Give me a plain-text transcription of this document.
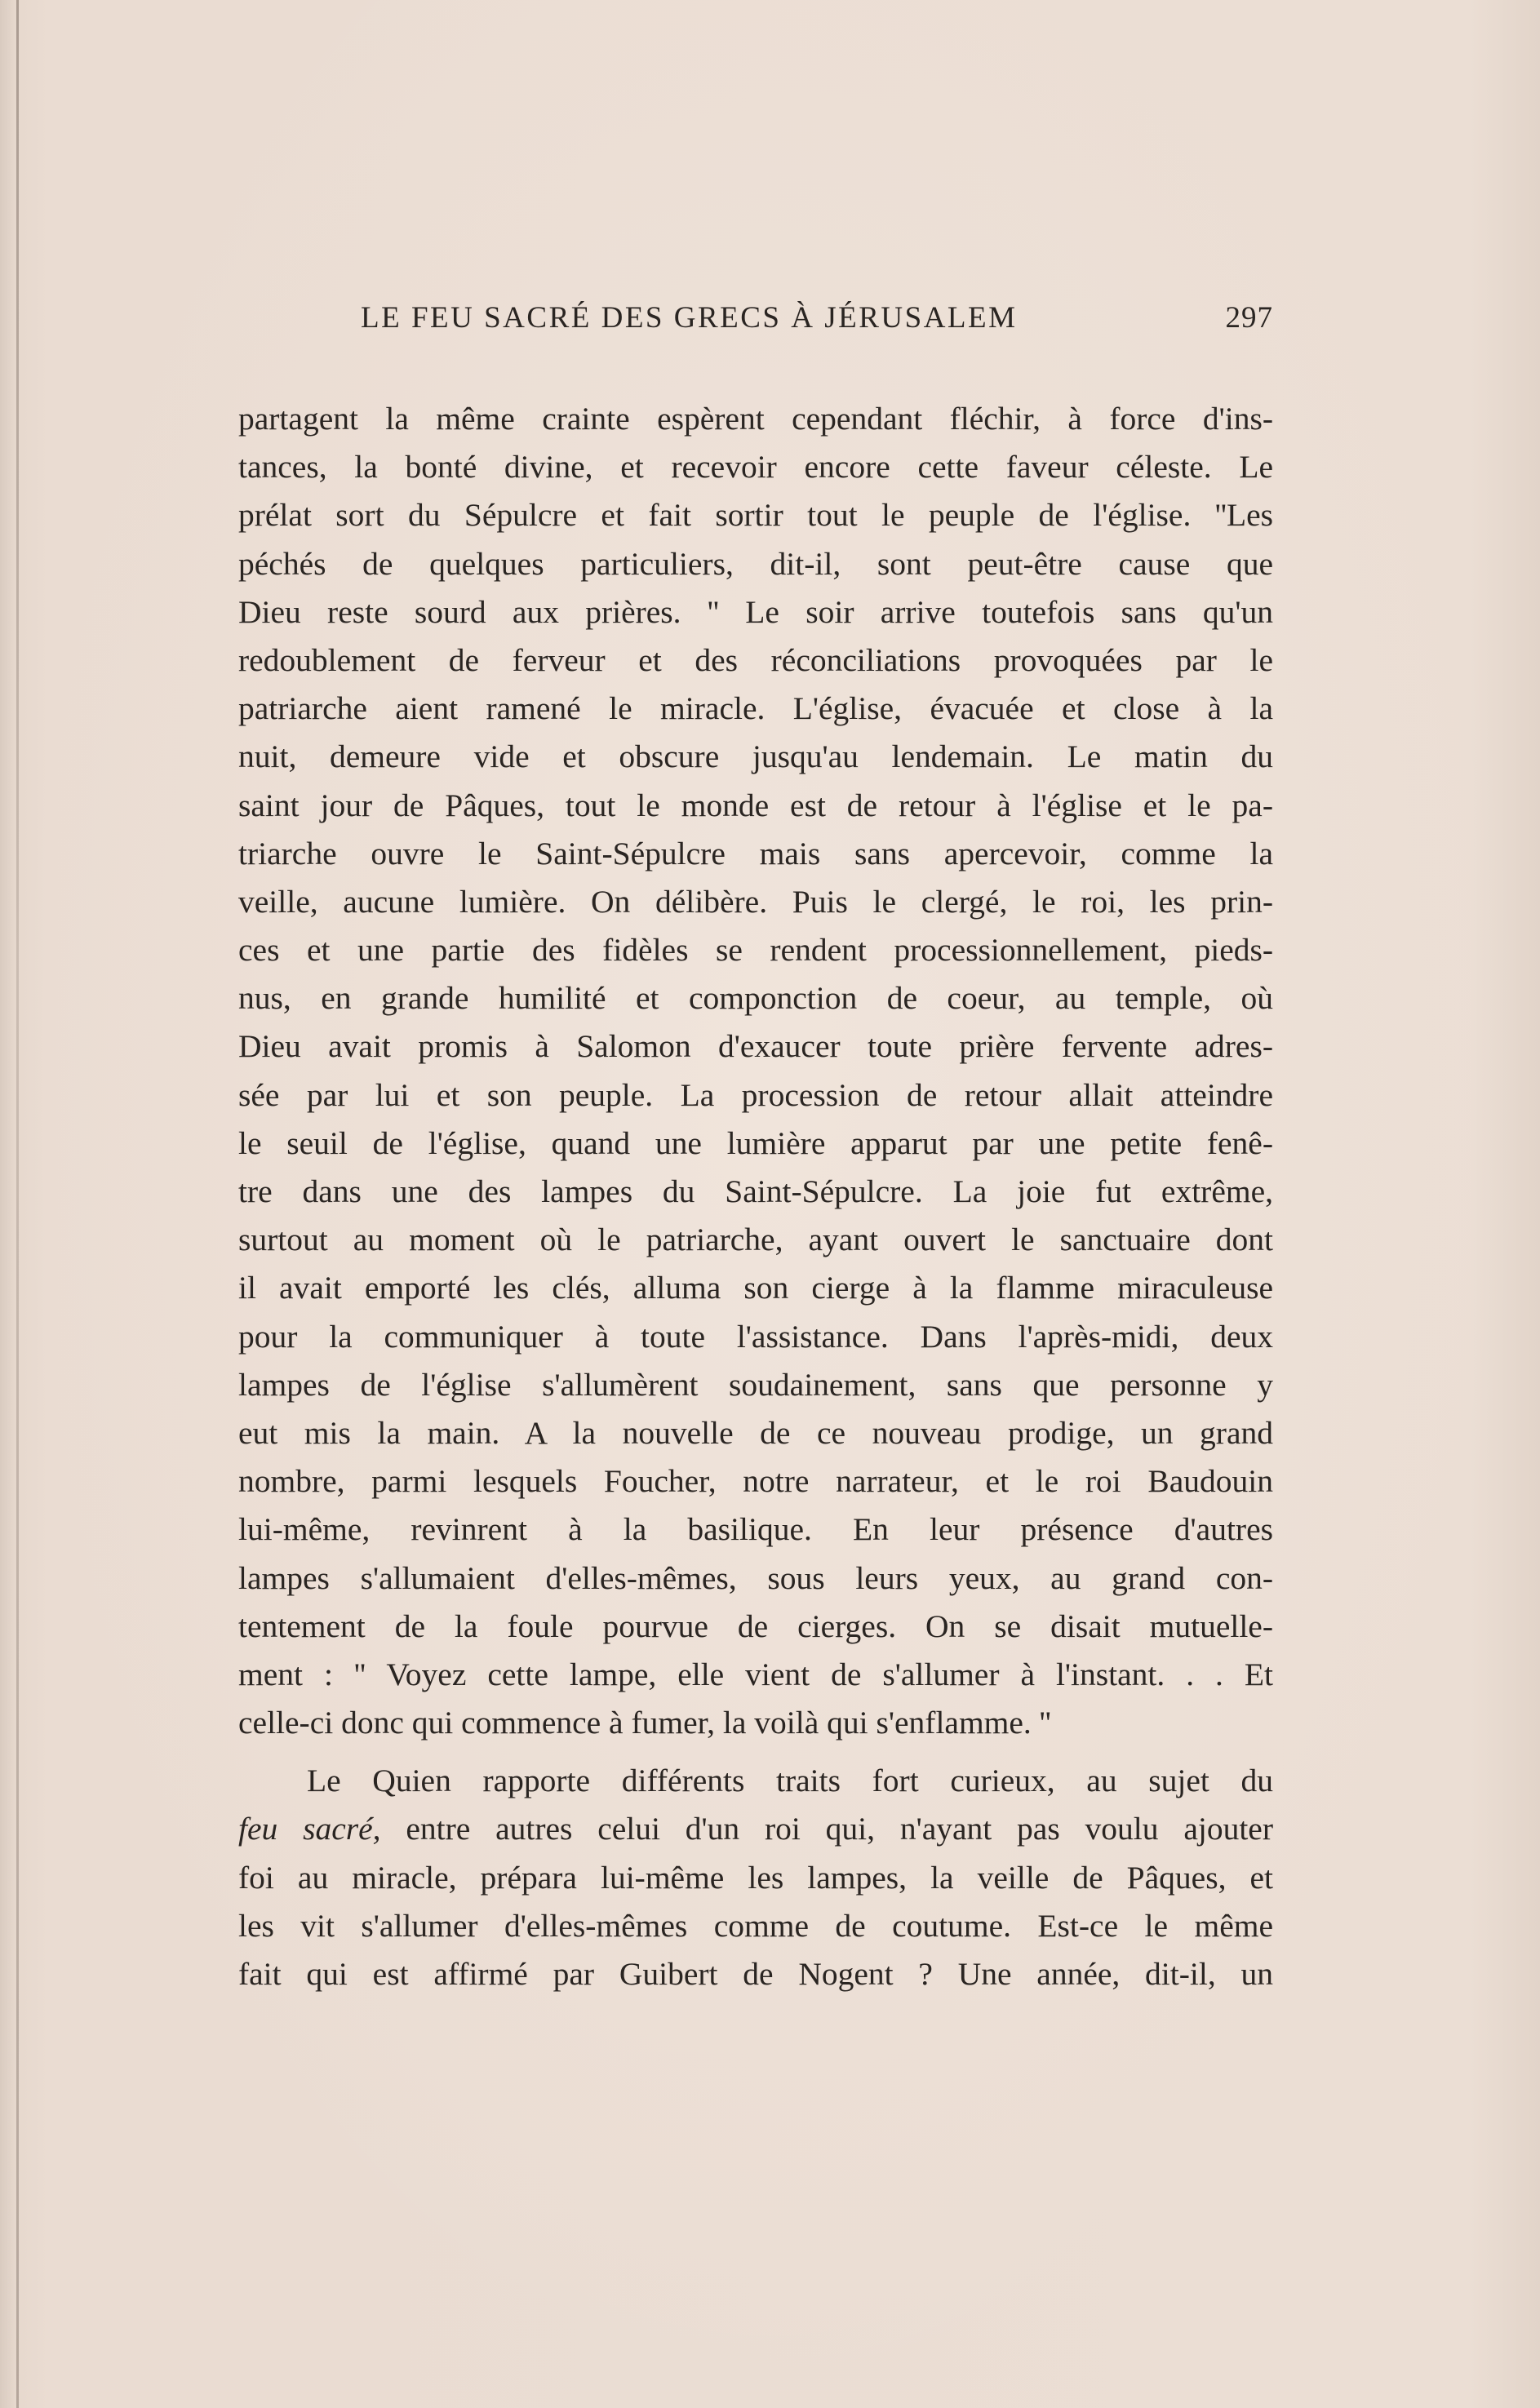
LE FEU SACRÉ DES GRECS À JÉRUSALEM	297
partagent la même crainte espèrent cependant fléchir, à force d'ins-
tances, la bonté divine, et recevoir encore cette faveur céleste. Le
prélat sort du Sépulcre et fait sortir tout le peuple de l'église. ''Les
péchés de quelques particuliers, dit-il, sont peut-être cause que
Dieu reste sourd aux prières. '' Le soir arrive toutefois sans qu'un
redoublement de ferveur et des réconciliations provoquées par le
patriarche aient ramené le miracle. L'église, évacuée et close à la
nuit, demeure vide et obscure jusqu'au lendemain. Le matin du
saint jour de Pâques, tout le monde est de retour à l'église et le pa-
triarche ouvre le Saint-Sépulcre mais sans apercevoir, comme la
veille, aucune lumière. On délibère. Puis le clergé, le roi, les prin-
ces et une partie des fidèles se rendent processionnellement, pieds-
nus, en grande humilité et componction de coeur, au temple, où
Dieu avait promis à Salomon d'exaucer toute prière fervente adres-
sée par lui et son peuple. La procession de retour allait atteindre
le seuil de l'église, quand une lumière apparut par une petite fenê-
tre dans une des lampes du Saint-Sépulcre. La joie fut extrême,
surtout au moment où le patriarche, ayant ouvert le sanctuaire dont
il avait emporté les clés, alluma son cierge à la flamme miraculeuse
pour la communiquer à toute l'assistance. Dans l'après-midi, deux
lampes de l'église s'allumèrent soudainement, sans que personne y
eut mis la main. A la nouvelle de ce nouveau prodige, un grand
nombre, parmi lesquels Foucher, notre narrateur, et le roi Baudouin
lui-même, revinrent à la basilique. En leur présence d'autres
lampes s'allumaient d'elles-mêmes, sous leurs yeux, au grand con-
tentement de la foule pourvue de cierges. On se disait mutuelle-
ment : '' Voyez cette lampe, elle vient de s'allumer à l'instant. . . Et
celle-ci donc qui commence à fumer, la voilà qui s'enflamme. ''
Le Quien rapporte différents traits fort curieux, au sujet du
feu sacré, entre autres celui d'un roi qui, n'ayant pas voulu ajouter
foi au miracle, prépara lui-même les lampes, la veille de Pâques, et
les vit s'allumer d'elles-mêmes comme de coutume. Est-ce le même
fait qui est affirmé par Guibert de Nogent ? Une année, dit-il, un
